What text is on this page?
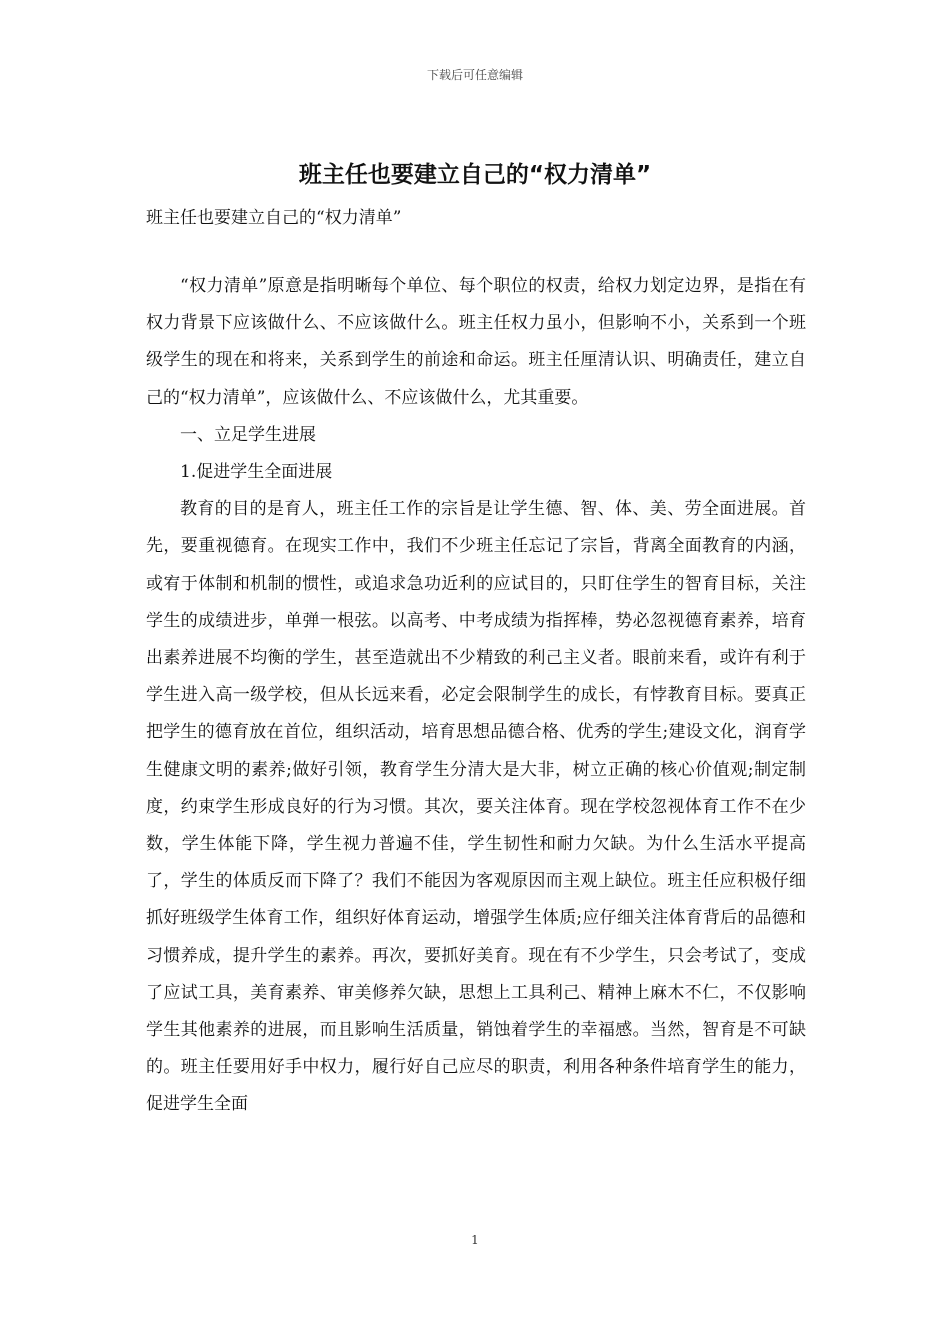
下载后可任意编辑
班主任也要建立自己的“权力清单”

班主任也要建立自己的“权力清单”

“权力清单”原意是指明晰每个单位、每个职位的权责，给权力划定边界，是指在有权力背景下应该做什么、不应该做什么。班主任权力虽小，但影响不小，关系到一个班级学生的现在和将来，关系到学生的前途和命运。班主任厘清认识、明确责任，建立自己的“权力清单”，应该做什么、不应该做什么，尤其重要。

一、立足学生进展

1.促进学生全面进展

教育的目的是育人，班主任工作的宗旨是让学生德、智、体、美、劳全面进展。首先，要重视德育。在现实工作中，我们不少班主任忘记了宗旨，背离全面教育的内涵，或宥于体制和机制的惯性，或追求急功近利的应试目的，只盯住学生的智育目标，关注学生的成绩进步，单弹一根弦。以高考、中考成绩为指挥棒，势必忽视德育素养，培育出素养进展不均衡的学生，甚至造就出不少精致的利己主义者。眼前来看，或许有利于学生进入高一级学校，但从长远来看，必定会限制学生的成长，有悖教育目标。要真正把学生的德育放在首位，组织活动，培育思想品德合格、优秀的学生;建设文化，润育学生健康文明的素养;做好引领，教育学生分清大是大非，树立正确的核心价值观;制定制度，约束学生形成良好的行为习惯。其次，要关注体育。现在学校忽视体育工作不在少数，学生体能下降，学生视力普遍不佳，学生韧性和耐力欠缺。为什么生活水平提高了，学生的体质反而下降了？我们不能因为客观原因而主观上缺位。班主任应积极仔细抓好班级学生体育工作，组织好体育运动，增强学生体质;应仔细关注体育背后的品德和习惯养成，提升学生的素养。再次，要抓好美育。现在有不少学生，只会考试了，变成了应试工具，美育素养、审美修养欠缺，思想上工具利己、精神上麻木不仁，不仅影响学生其他素养的进展，而且影响生活质量，销蚀着学生的幸福感。当然，智育是不可缺的。班主任要用好手中权力，履行好自己应尽的职责，利用各种条件培育学生的能力，促进学生全面

1
